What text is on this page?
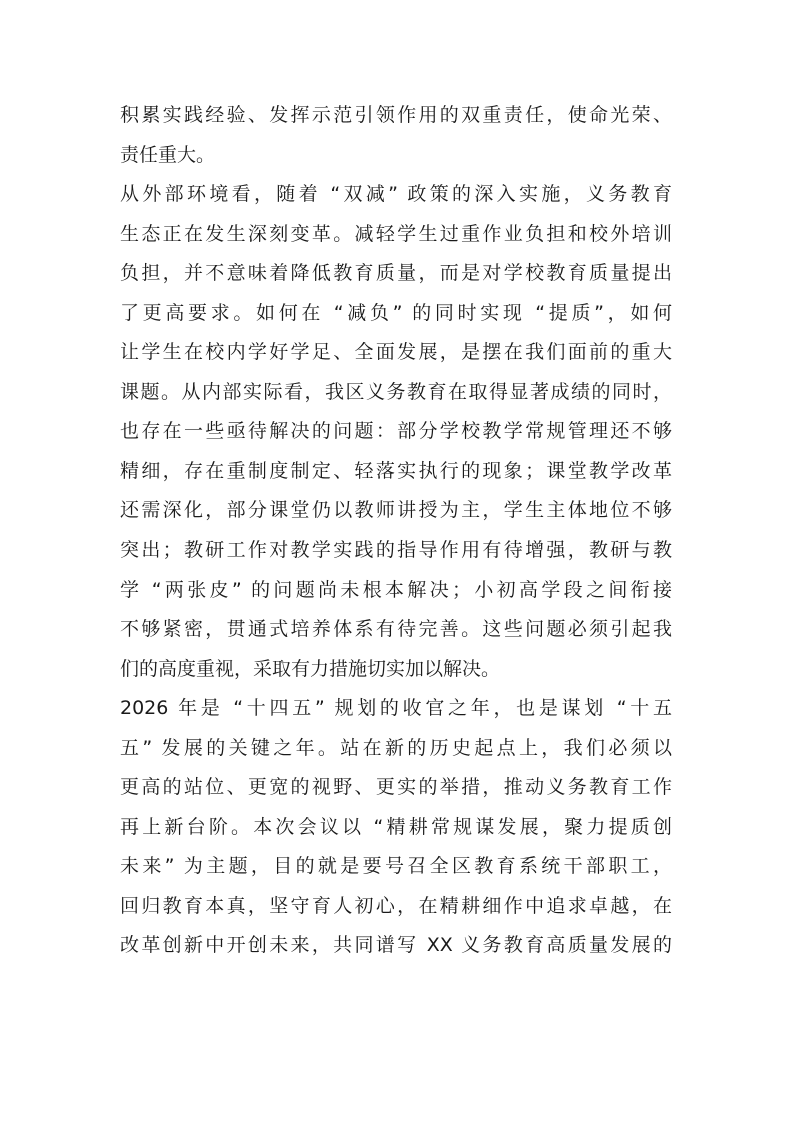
积累实践经验、发挥示范引领作用的双重责任，使命光荣、
责任重大。
从外部环境看，随着 “双减” 政策的深入实施，义务教育
生态正在发生深刻变革。减轻学生过重作业负担和校外培训
负担，并不意味着降低教育质量，而是对学校教育质量提出
了更高要求。如何在 “减负” 的同时实现 “提质”，如何
让学生在校内学好学足、全面发展，是摆在我们面前的重大
课题。从内部实际看，我区义务教育在取得显著成绩的同时，
也存在一些亟待解决的问题：部分学校教学常规管理还不够
精细，存在重制度制定、轻落实执行的现象；课堂教学改革
还需深化，部分课堂仍以教师讲授为主，学生主体地位不够
突出；教研工作对教学实践的指导作用有待增强，教研与教
学 “两张皮” 的问题尚未根本解决；小初高学段之间衔接
不够紧密，贯通式培养体系有待完善。这些问题必须引起我
们的高度重视，采取有力措施切实加以解决。
2026 年是 “十四五” 规划的收官之年，也是谋划 “十五
五” 发展的关键之年。站在新的历史起点上，我们必须以
更高的站位、更宽的视野、更实的举措，推动义务教育工作
再上新台阶。本次会议以 “精耕常规谋发展，聚力提质创
未来” 为主题，目的就是要号召全区教育系统干部职工，
回归教育本真，坚守育人初心，在精耕细作中追求卓越，在
改革创新中开创未来，共同谱写 XX 义务教育高质量发展的
